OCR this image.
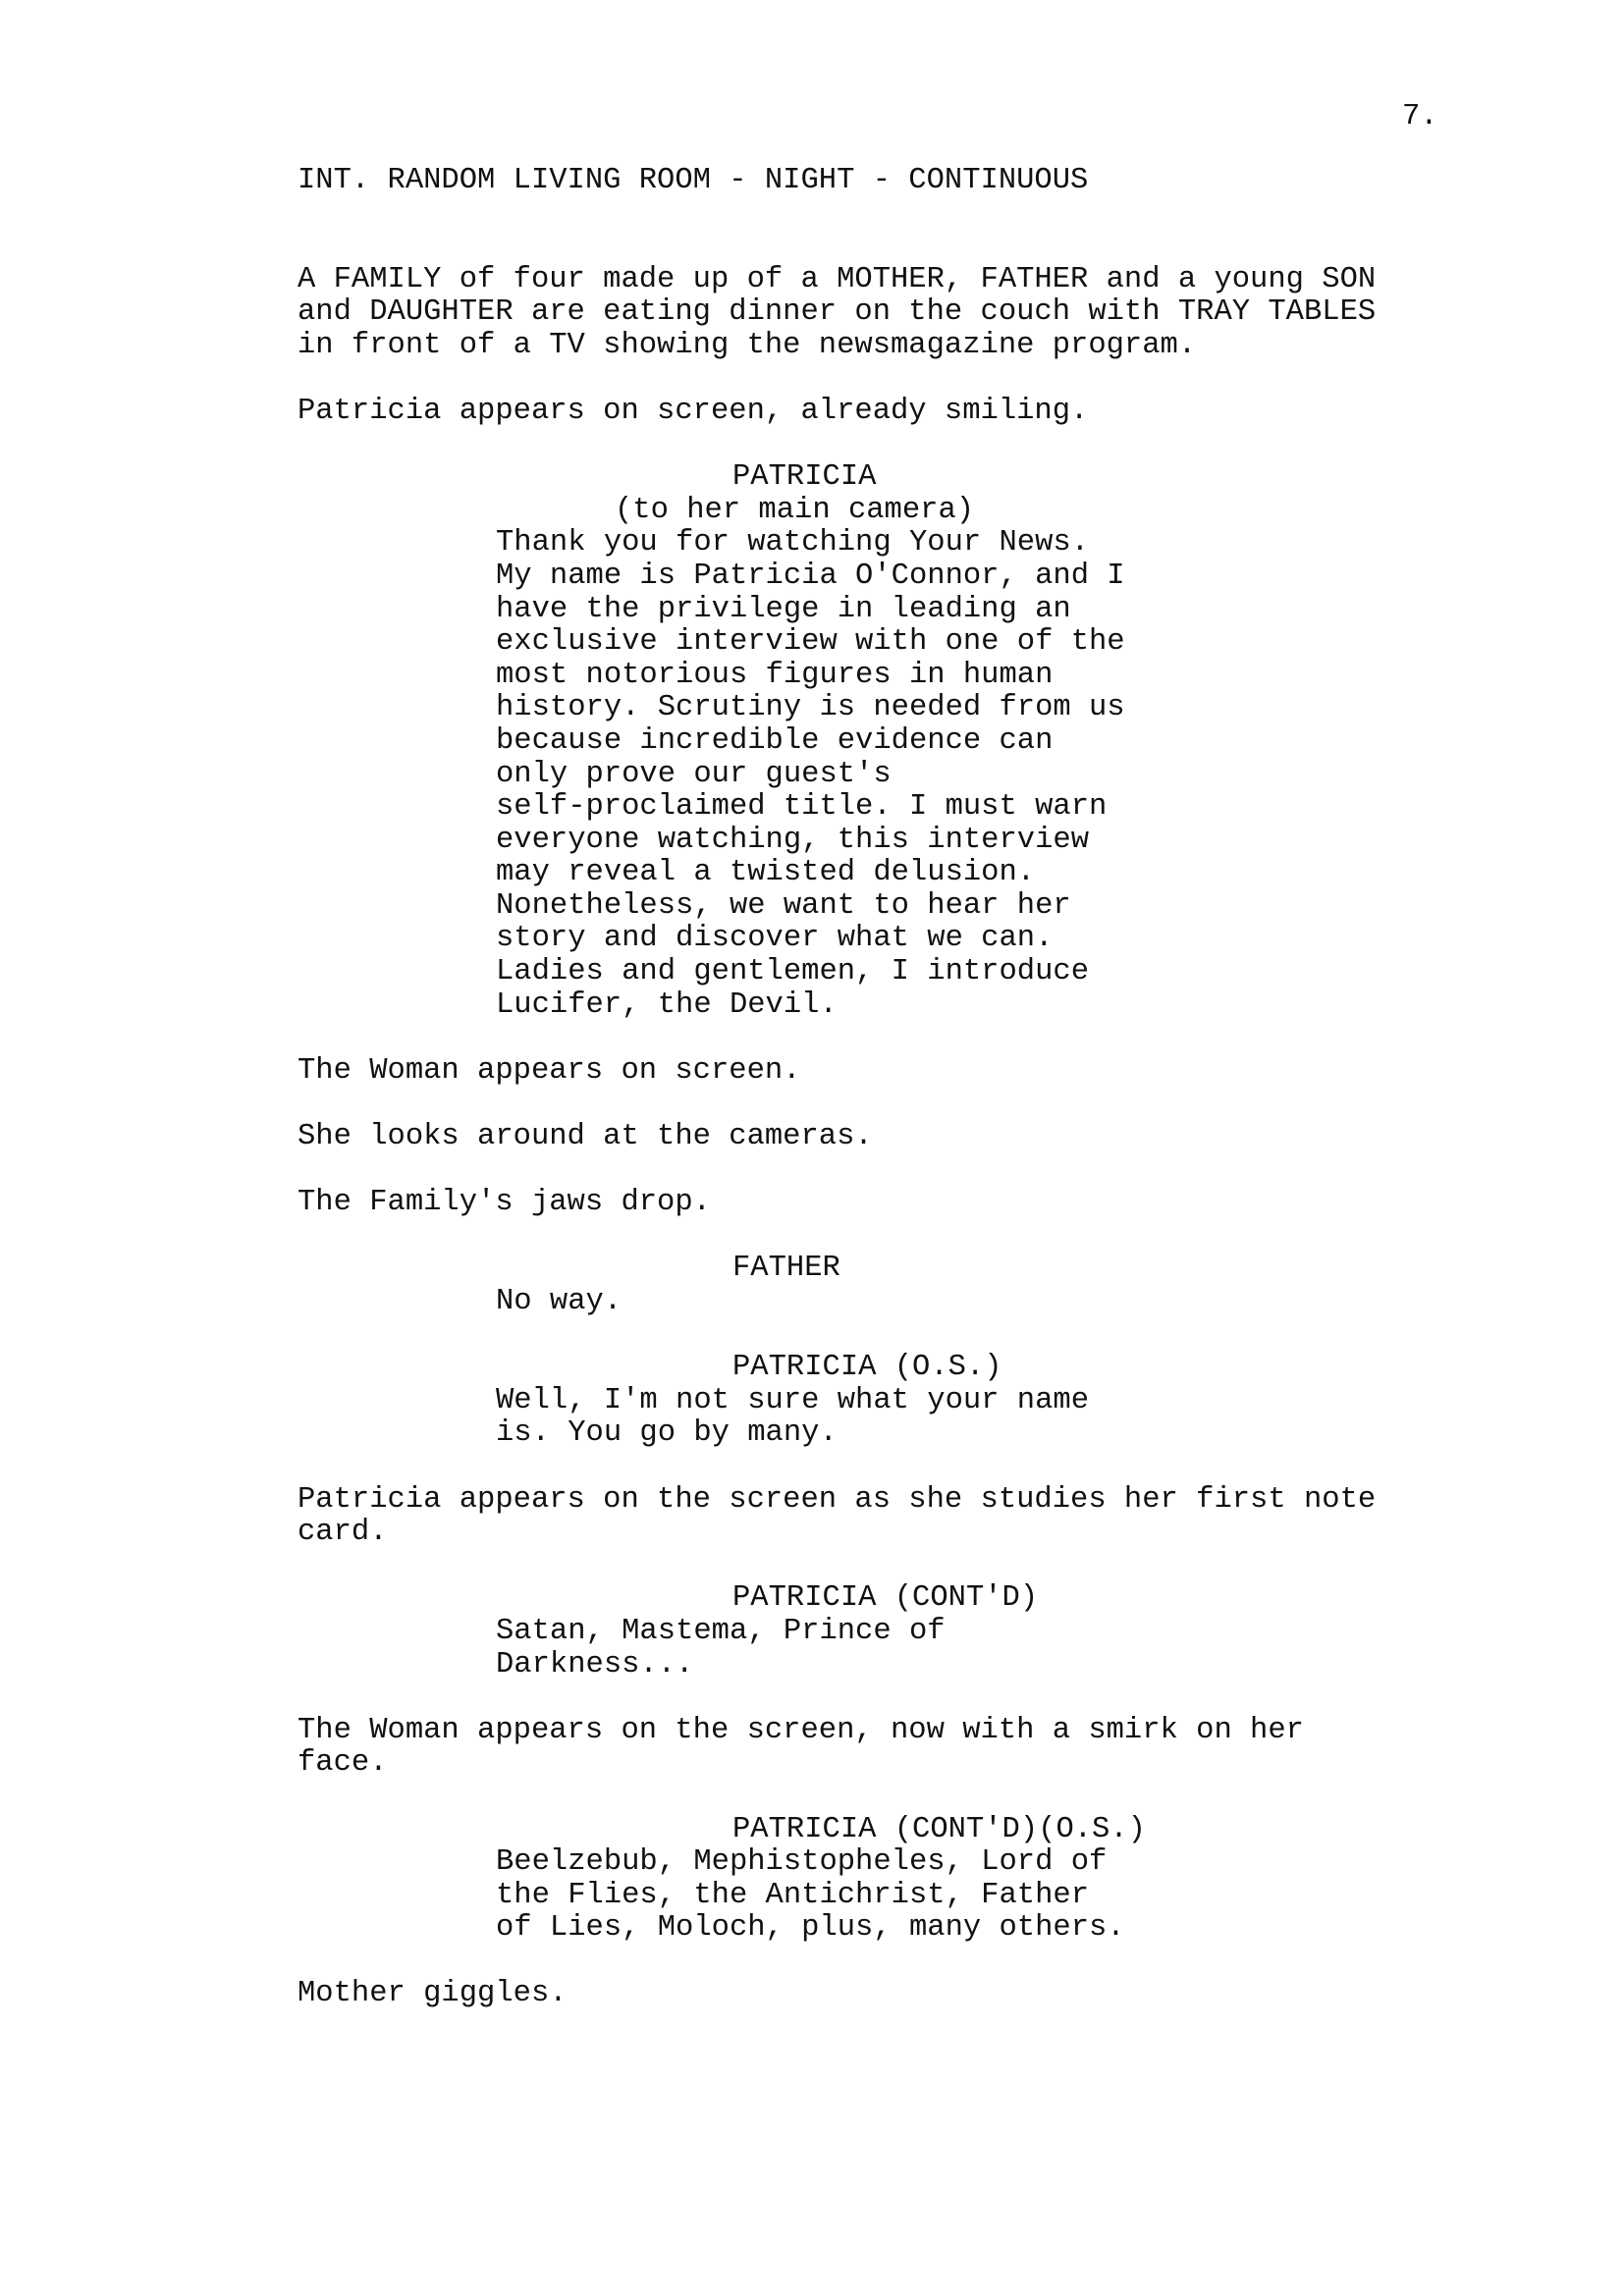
7.
INT. RANDOM LIVING ROOM - NIGHT - CONTINUOUS
A FAMILY of four made up of a MOTHER, FATHER and a young SON
and DAUGHTER are eating dinner on the couch with TRAY TABLES
in front of a TV showing the newsmagazine program.
Patricia appears on screen, already smiling.
PATRICIA
(to her main camera)
Thank you for watching Your News.
My name is Patricia O'Connor, and I
have the privilege in leading an
exclusive interview with one of the
most notorious figures in human
history. Scrutiny is needed from us
because incredible evidence can
only prove our guest's
self-proclaimed title. I must warn
everyone watching, this interview
may reveal a twisted delusion.
Nonetheless, we want to hear her
story and discover what we can.
Ladies and gentlemen, I introduce
Lucifer, the Devil.
The Woman appears on screen.
She looks around at the cameras.
The Family's jaws drop.
FATHER
No way.
PATRICIA (O.S.)
Well, I'm not sure what your name
is. You go by many.
Patricia appears on the screen as she studies her first note
card.
PATRICIA (CONT'D)
Satan, Mastema, Prince of
Darkness...
The Woman appears on the screen, now with a smirk on her
face.
PATRICIA (CONT'D)(O.S.)
Beelzebub, Mephistopheles, Lord of
the Flies, the Antichrist, Father
of Lies, Moloch, plus, many others.
Mother giggles.
